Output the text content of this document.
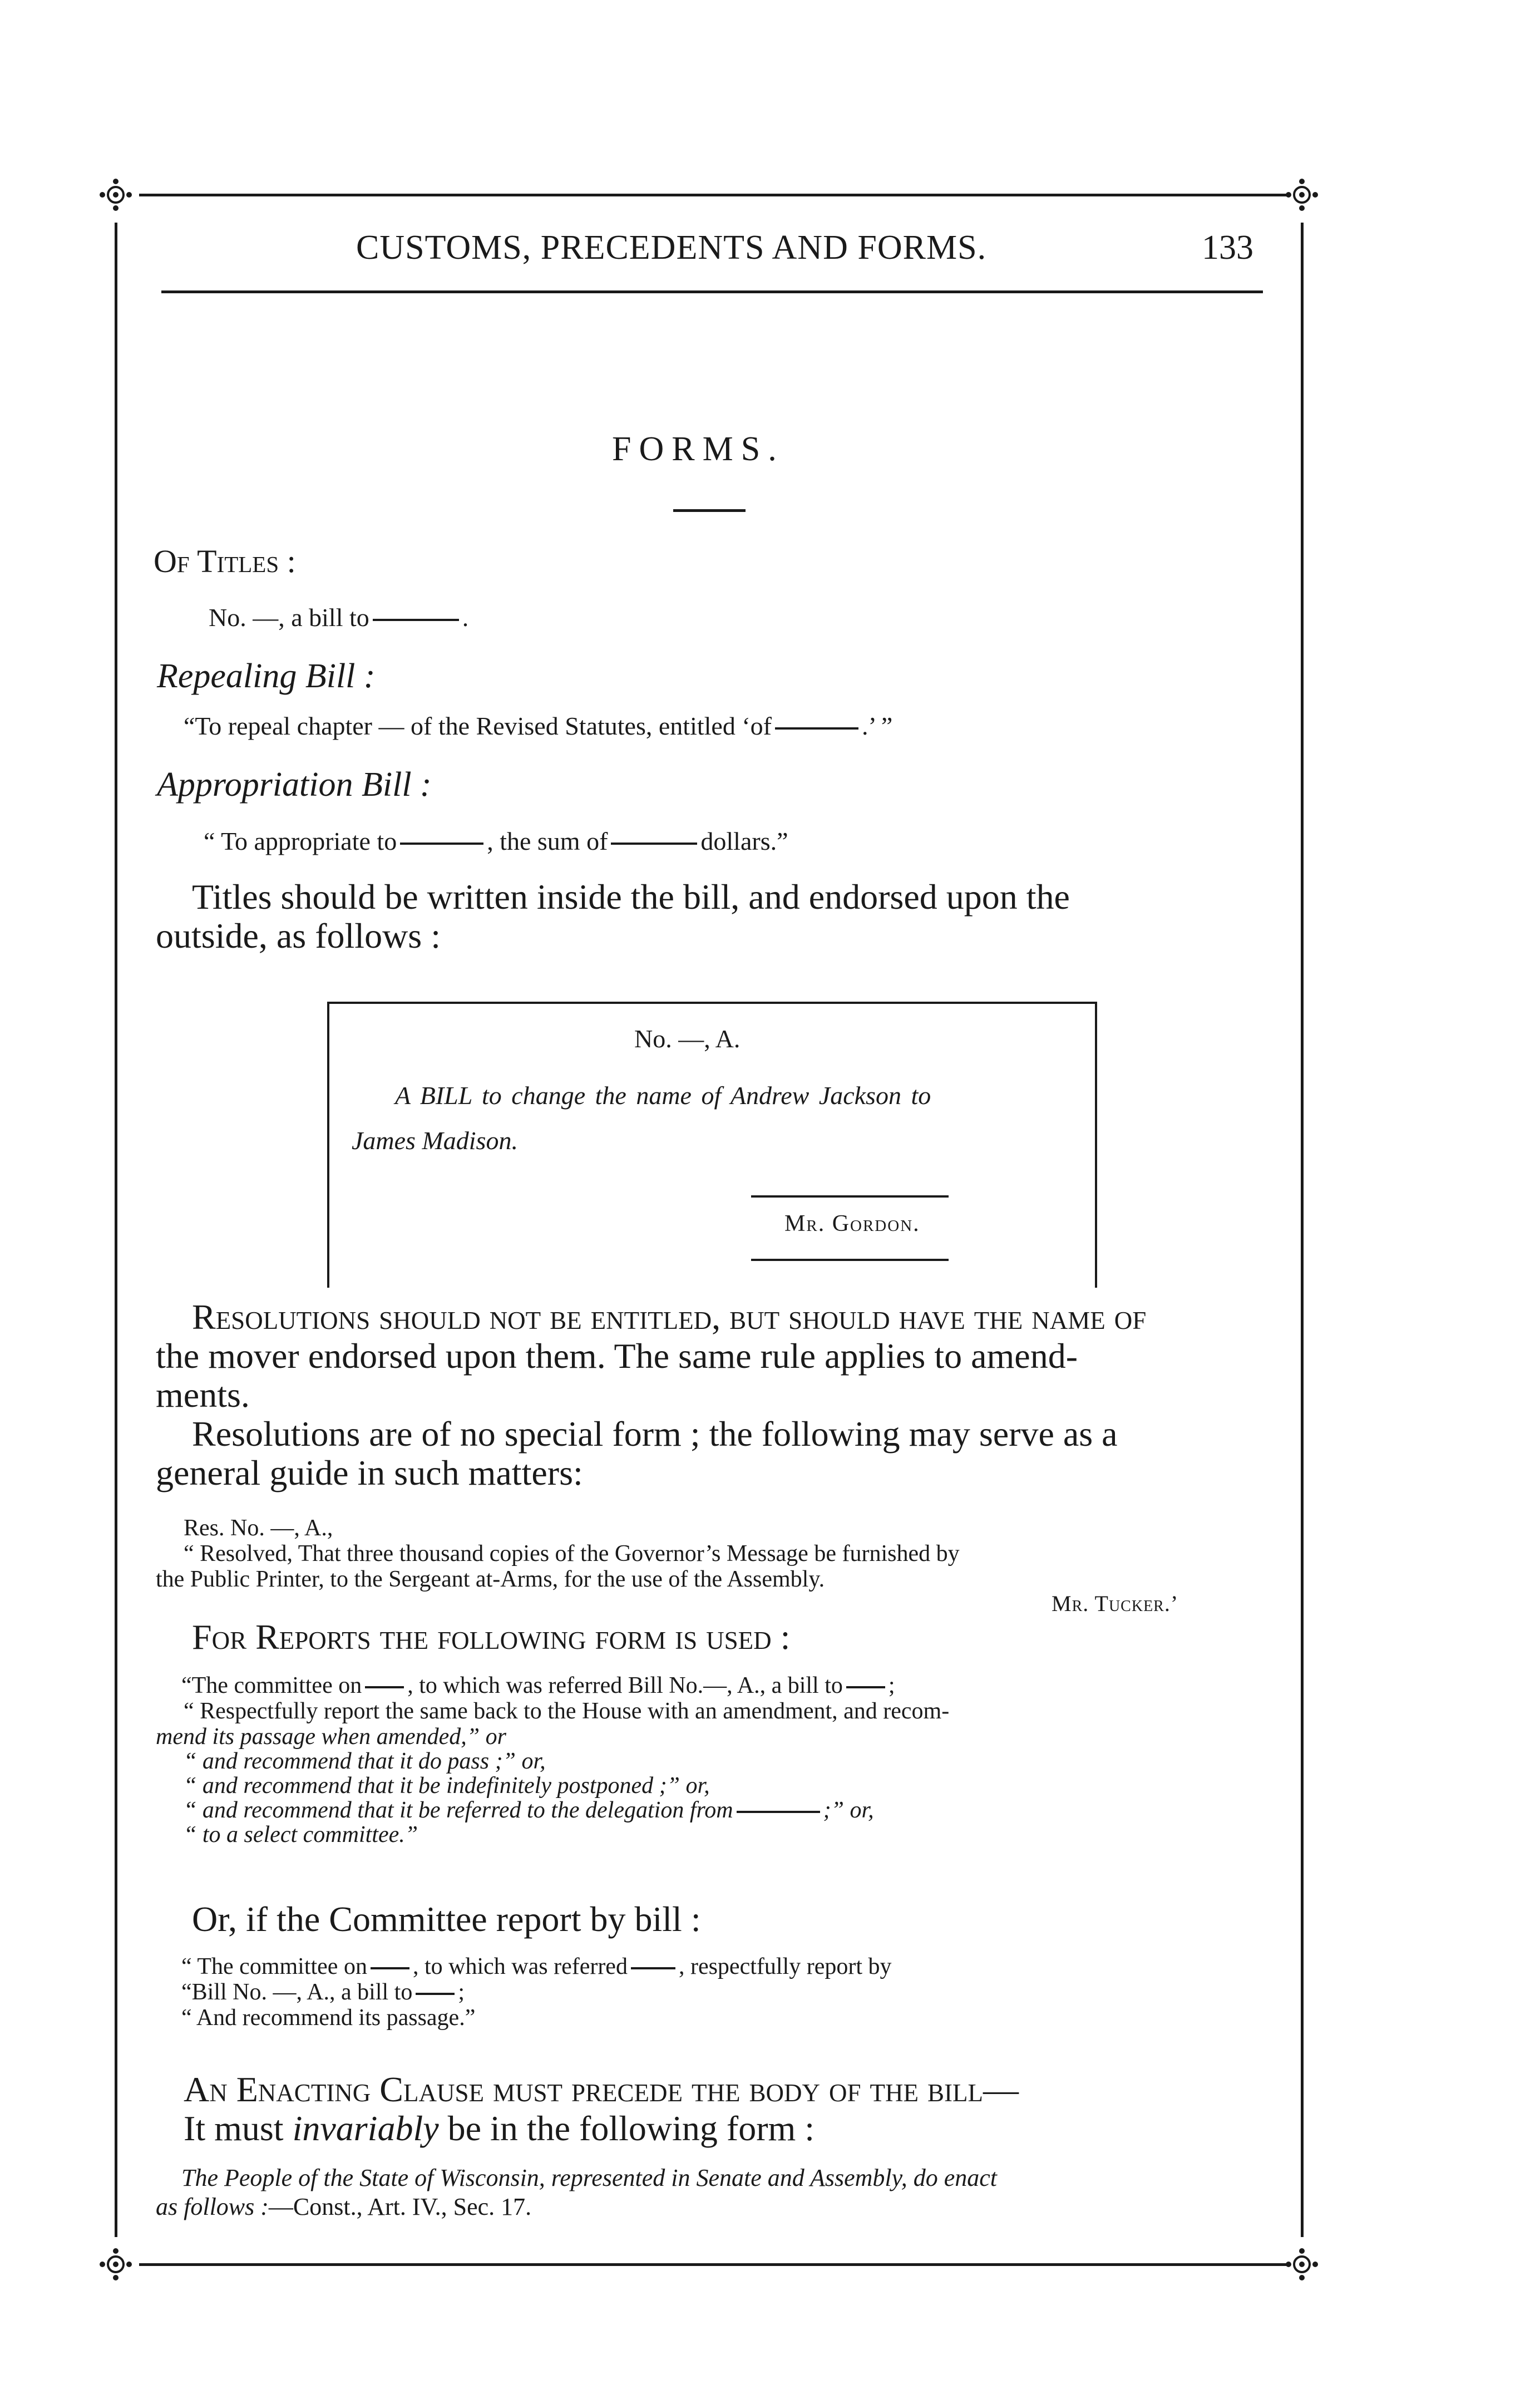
CUSTOMS, PRECEDENTS AND FORMS.	133
FORMS.
Of Titles :
No. —, a bill to	.
Repealing Bill :
“To repeal chapter — of the Revised Statutes, entitled ‘of	.’ ”
Appropriation Bill :
“ To appropriate to	, the sum of	dollars.”
Titles should be written inside the bill, and endorsed upon the
outside, as follows :
No. —, A.
A BILL to change the name of Andrew Jackson to
James Madison.
Mr. Gordon.
Resolutions should not be entitled, but should have the name of
the mover endorsed upon them. The same rule applies to amend-
ments.
Resolutions are of no special form ; the following may serve as a
general guide in such matters:
Res. No. —, A.,
“ Resolved, That three thousand copies of the Governor’s Message be furnished by
the Public Printer, to the Sergeant at-Arms, for the use of the Assembly.
Mr. Tucker.’
For Reports the following form is used :
“The committee on , to which was referred Bill No.—, A., a bill to ;
“ Respectfully report the same back to the House with an amendment, and recom-
mend its passage when amended,” or
“ and recommend that it do pass ;” or,
“ and recommend that it be indefinitely postponed ;” or,
“ and recommend that it be referred to the delegation from	;” or,
“ to a select committee.”
Or, if the Committee report by bill :
“ The committee on , to which was referred , respectfully report by
“Bill No. —, A., a bill to ;
“ And recommend its passage.”
An Enacting Clause must precede the body of the bill—
It must invariably be in the following form :
The People of the State of Wisconsin, represented in Senate and Assembly, do enact
as follows :—Const., Art. IV., Sec. 17.
